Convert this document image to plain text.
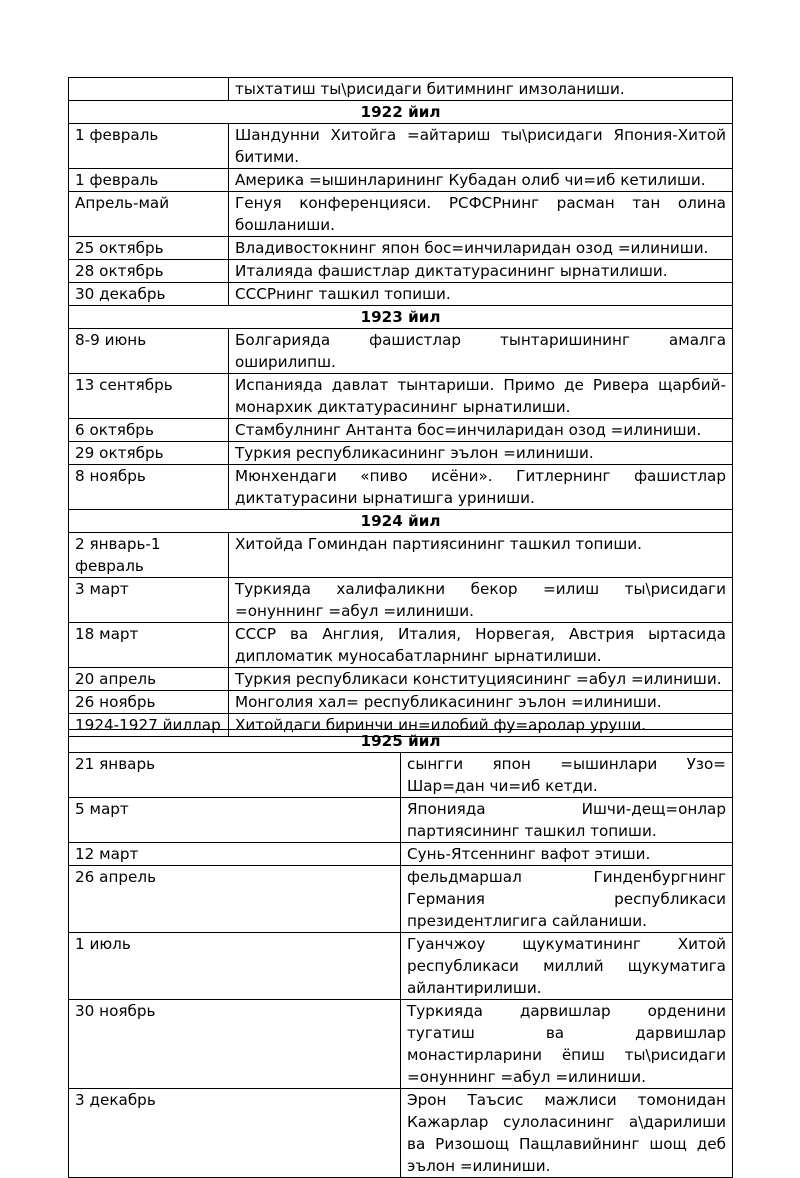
	тыхтатиш ты\рисидаги битимнинг имзоланиши.
1922 йил	
1 февраль	Шандунни Хитойга =айтариш ты\рисидаги Япония-Хитой битими.
1 февраль	Америка =ышинларининг Кубадан олиб чи=иб кетилиши.
Апрель-май	Генуя конференцияси. РСФСРнинг расман тан олина бошланиши.
25 октябрь	Владивостокнинг япон бос=инчиларидан озод =илиниши.
28 октябрь	Италияда фашистлар диктатурасининг ырнатилиши.
30 декабрь	СССРнинг ташкил топиши.
1923 йил	
8-9 июнь	Болгарияда фашистлар тынтаришининг амалга оширилипш.
13 сентябрь	Испанияда давлат тынтариши. Примо де Ривера щарбий-монархик диктатурасининг ырнатилиши.
6 октябрь	Стамбулнинг Антанта бос=инчиларидан озод =илиниши.
29 октябрь	Туркия республикасининг эълон =илиниши.
8 ноябрь	Мюнхендаги «пиво исёни». Гитлернинг фашистлар диктатурасини ырнатишга уриниши.
1924 йил	
2 январь-1 февраль	Хитойда Гоминдан партиясининг ташкил топиши.
3 март	Туркияда халифаликни бекор =илиш ты\рисидаги =онуннинг =абул =илиниши.
18 март	СССР ва Англия, Италия, Норвегая, Австрия ыртасида дипломатик муносабатларнинг ырнатилиши.
20 апрель	Туркия республикаси конституциясининг =абул =илиниши.
26 ноябрь	Монголия хал= республикасининг эълон =илиниши.
1924-1927 йиллар	Хитойдаги биринчи ин=илобий фу=аролар уруши.
1925 йил	
21 январь	сынгги япон =ышинлари Узо= Шар=дан чи=иб кетди.
5 март	Японияда Ишчи-дещ=онлар партиясининг ташкил топиши.
12 март	Сунь-Ятсеннинг вафот этиши.
26 апрель	фельдмаршал Гинденбургнинг Германия республикаси президентлигига сайланиши.
1 июль	Гуанчжоу щукуматининг Хитой республикаси миллий щукуматига айлантирилиши.
30 ноябрь	Туркияда дарвишлар орденини тугатиш ва дарвишлар монастирларини ёпиш ты\рисидаги =онуннинг =абул =илиниши.
3 декабрь	Эрон Таъсис мажлиси томонидан Кажарлар сулоласининг а\дарилиши ва Ризошощ Пащлавийнинг шощ деб эълон =илиниши.
